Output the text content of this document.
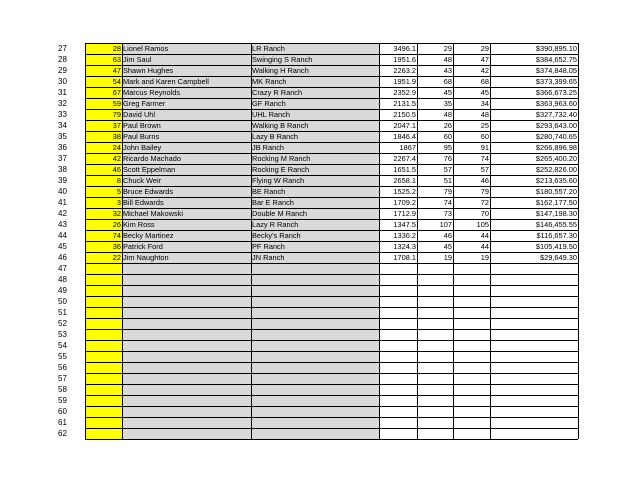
27	28 Lionel Ramos	LR Ranch	3496.1	29	29	$390,895.10
28	63 Jim Saul	Swinging S Ranch	1951.6	48	47	$384,652.75
29	47 Shawn Hughes	Walking H Ranch	2263.2	43	42	$374,848.05
30	54 Mark and Karen Campbell	MK Ranch	1951.9	68	68	$373,399.65
31	67 Marcus Reynolds	Crazy R Ranch	2352.9	45	45	$366,673.25
32	59 Greg Farmer	GF Ranch	2131.5	35	34	$363,963.60
33	79 David Uhl	UHL Ranch	2150.5	48	48	$327,732.40
34	37 Paul Brown	Walking B Ranch	2047.1	26	25	$293,643.00
35	38 Paul Burns	Lazy B Ranch	1846.4	60	60	$280,740.65
36	24 John Bailey	JB Ranch	1867	95	91	$266,896.98
37	42 Ricardo Machado	Rocking M Ranch	2267.4	76	74	$265,400.20
38	46 Scott Eppelman	Rocking E Ranch	1651.5	57	57	$252,826.00
39	8 Chuck Weir	Flying W Ranch	2658.1	51	46	$213,635.60
40	5 Bruce Edwards	BE Ranch	1525.2	79	79	$180,557.20
41	3 Bill Edwards	Bar E Ranch	1709.2	74	72	$162,177.50
42	32 Michael Makowski	Double M Ranch	1712.9	73	70	$147,198.30
43	26 Kim Ross	Lazy R Ranch	1347.5	107	105	$146,455.55
44	74 Becky Martinez	Becky's Ranch	1336.2	46	44	$116,657.30
45	36 Patrick Ford	PF Ranch	1324.3	45	44	$105,419.50
46	22 Jim Naughton	JN Ranch	1708.1	19	19	$29,649.30
47
48
49
50
51
52
53
54
55
56
57
58
59
60
61
62
